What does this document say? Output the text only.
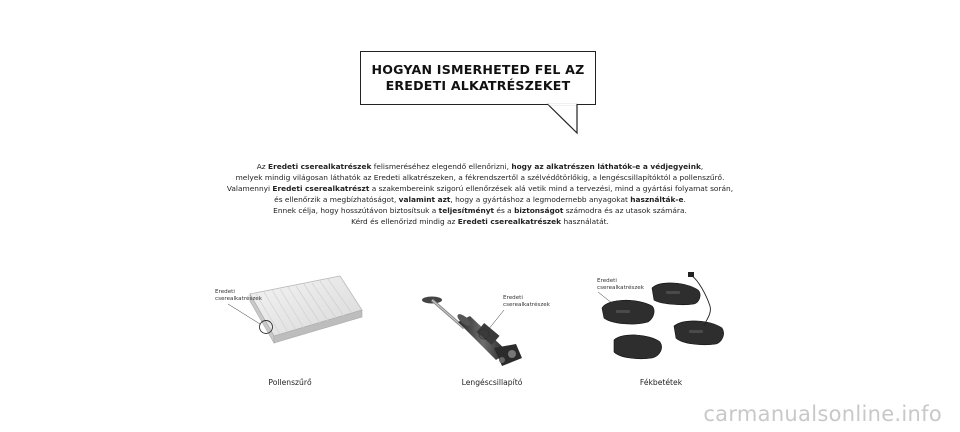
HOGYAN ISMERHETED FEL AZ
EREDETI ALKATRÉSZEKET
Az Eredeti cserealkatrészek felismeréséhez elegendő ellenőrizni, hogy az alkatrészen láthatók-e a védjegyeink,
melyek mindig világosan láthatók az Eredeti alkatrészeken, a fékrendszertől a szélvédőtörlőkig, a lengéscsillapítóktól a pollenszűrő.
Valamennyi Eredeti cserealkatrészt a szakembereink szigorú ellenőrzések alá vetik mind a tervezési, mind a gyártási folyamat során,
és ellenőrzik a megbízhatóságot, valamint azt, hogy a gyártáshoz a legmodernebb anyagokat használták-e.
Ennek célja, hogy hosszútávon biztosítsuk a teljesítményt és a biztonságot számodra és az utasok számára.
Kérd és ellenőrizd mindig az Eredeti cserealkatrészek használatát.
Eredeti
cserealkatrészek
Pollenszűrő
Eredeti
cserealkatrészek
Lengéscsillapító
Eredeti
cserealkatrészek
Fékbetétek
carmanualsonline.info
